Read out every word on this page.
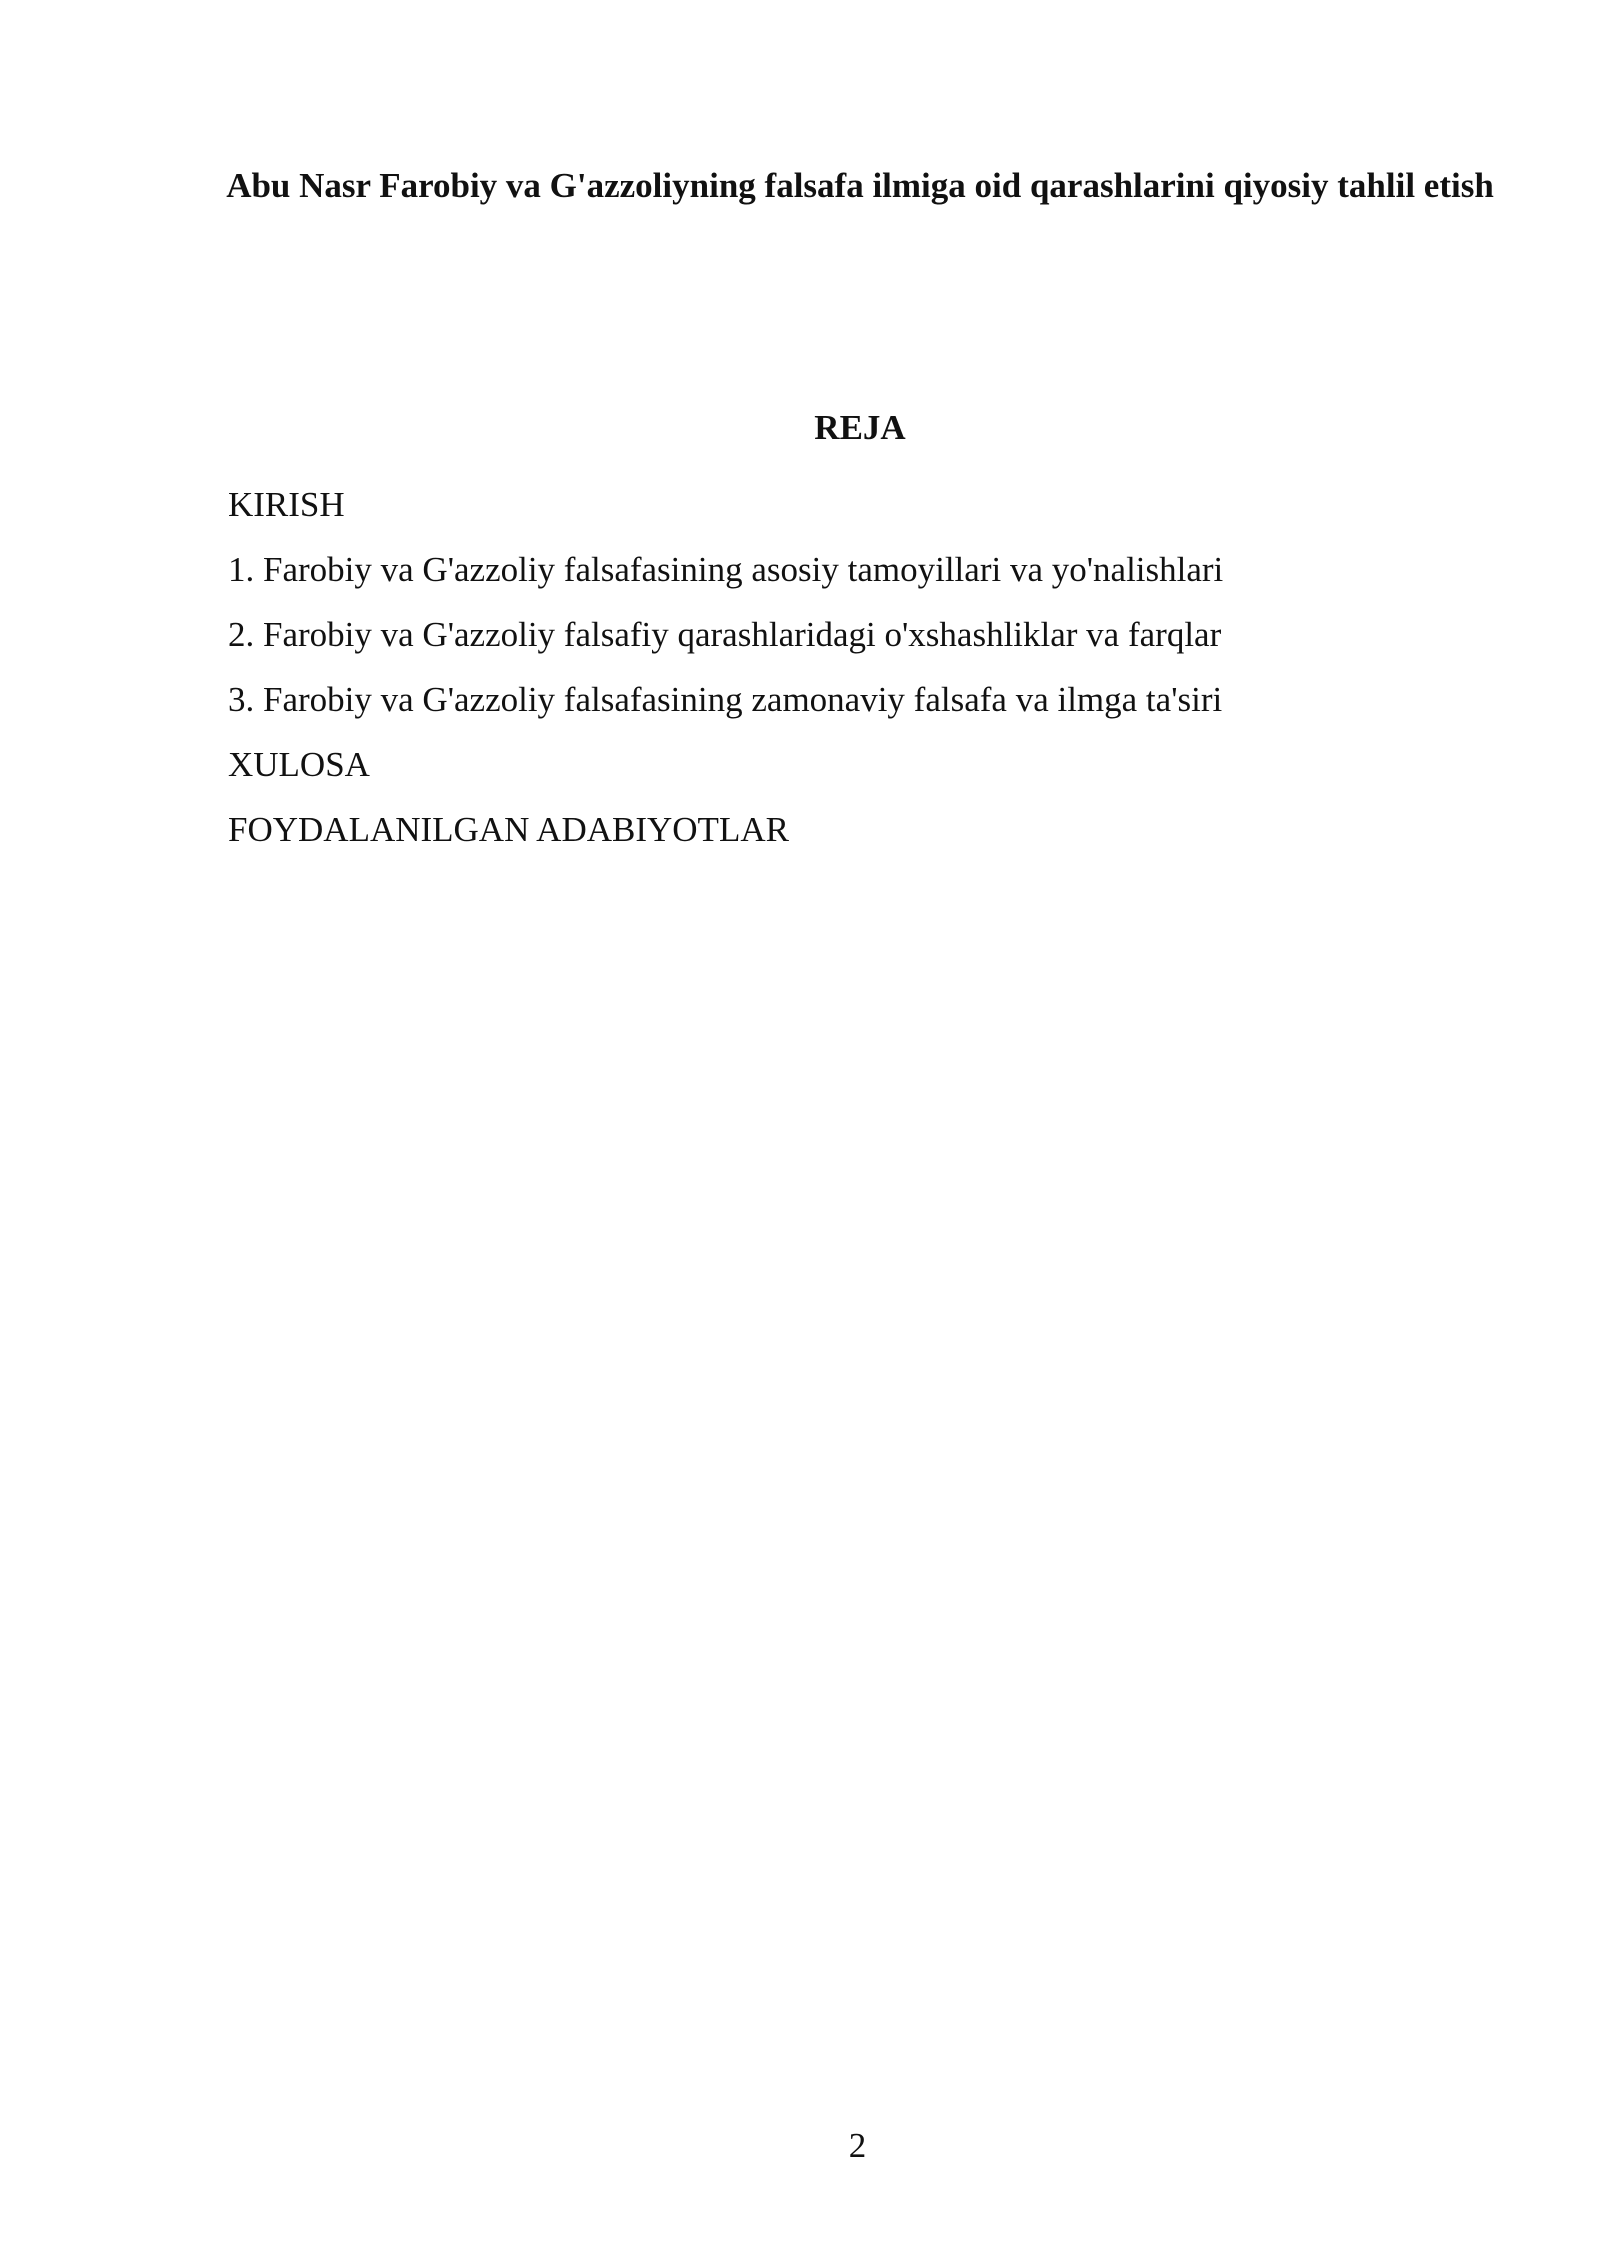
Abu Nasr Farobiy va G'azzoliyning falsafa ilmiga oid qarashlarini qiyosiy tahlil etish
REJA
KIRISH
1. Farobiy va G'azzoliy falsafasining asosiy tamoyillari va yo'nalishlari
2. Farobiy va G'azzoliy falsafiy qarashlaridagi o'xshashliklar va farqlar
3. Farobiy va G'azzoliy falsafasining zamonaviy falsafa va ilmga ta'siri
XULOSA
FOYDALANILGAN ADABIYOTLAR
2
